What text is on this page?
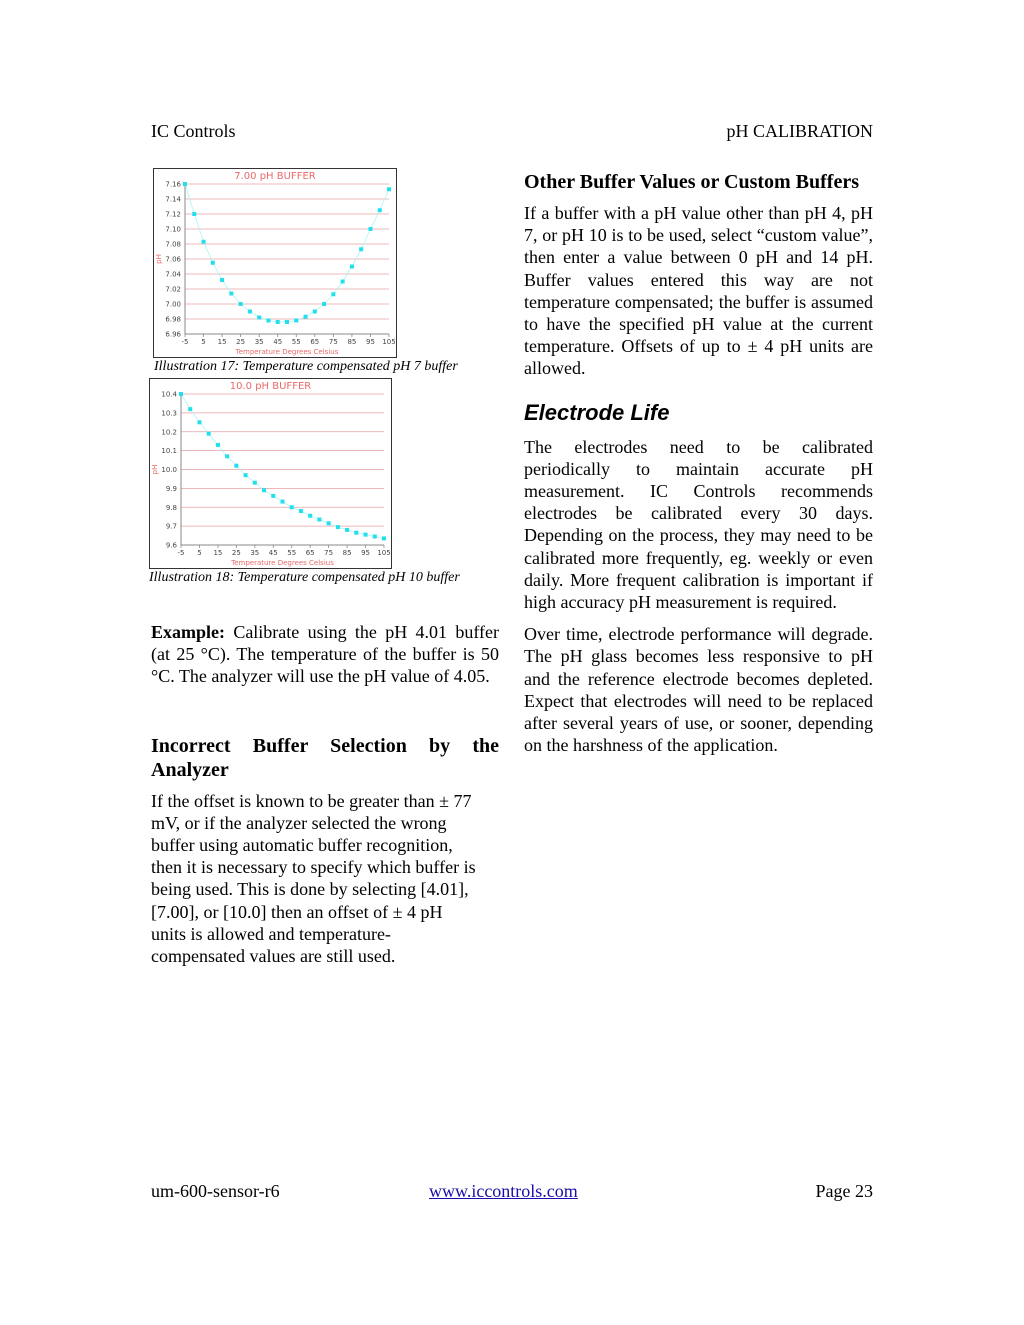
IC Controls	pH CALIBRATION
7.00 pH BUFFER
7.16
7.14
7.12
7.10
7.08
7.06
7.04
7.02
7.00
6.98
6.96
-5 5 15 25 35 45 55 65 75 85 95 105
Temperature Degrees Celsius
pH
Illustration 17: Temperature compensated pH 7 buffer
10.0 pH BUFFER
10.4
10.3
10.2
10.1
10.0
9.9
9.8
9.7
9.6
-5 5 15 25 35 45 55 65 75 85 95 105
Temperature Degrees Celsius
pH
Illustration 18: Temperature compensated pH 10 buffer

Example: Calibrate using the pH 4.01 buffer (at 25 °C). The temperature of the buffer is 50 °C. The analyzer will use the pH value of 4.05.

Incorrect Buffer Selection by the Analyzer

If the offset is known to be greater than ± 77 mV, or if the analyzer selected the wrong buffer using automatic buffer recognition, then it is necessary to specify which buffer is being used. This is done by selecting [4.01], [7.00], or [10.0] then an offset of ± 4 pH units is allowed and temperature-compensated values are still used.

Other Buffer Values or Custom Buffers

If a buffer with a pH value other than pH 4, pH 7, or pH 10 is to be used, select “custom value”, then enter a value between 0 pH and 14 pH. Buffer values entered this way are not temperature compensated; the buffer is assumed to have the specified pH value at the current temperature. Offsets of up to ± 4 pH units are allowed.

Electrode Life

The electrodes need to be calibrated periodically to maintain accurate pH measurement. IC Controls recommends electrodes be calibrated every 30 days. Depending on the process, they may need to be calibrated more frequently, eg. weekly or even daily. More frequent calibration is important if high accuracy pH measurement is required.

Over time, electrode performance will degrade. The pH glass becomes less responsive to pH and the reference electrode becomes depleted. Expect that electrodes will need to be replaced after several years of use, or sooner, depending on the harshness of the application.

um-600-sensor-r6	www.iccontrols.com	Page 23
